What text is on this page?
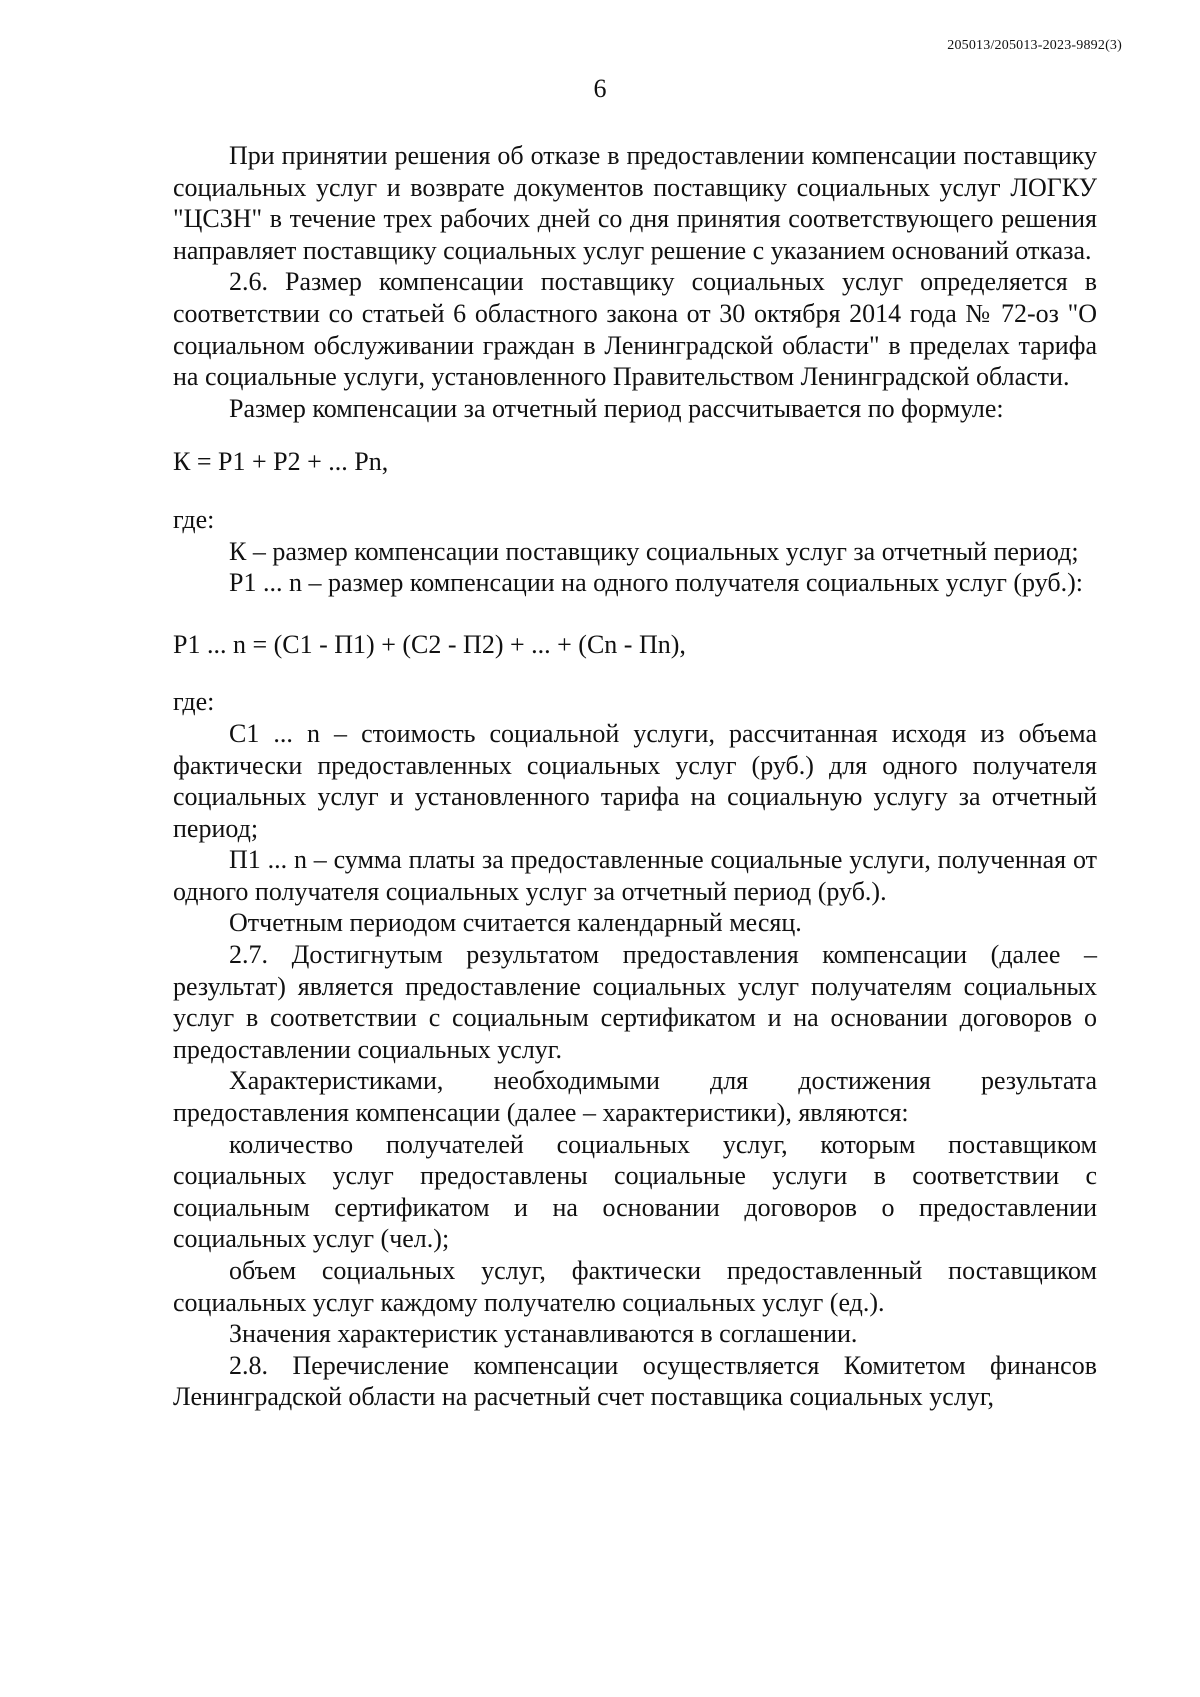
205013/205013-2023-9892(3)
6

При принятии решения об отказе в предоставлении компенсации поставщику социальных услуг и возврате документов поставщику социальных услуг ЛОГКУ "ЦСЗН" в течение трех рабочих дней со дня принятия соответствующего решения направляет поставщику социальных услуг решение с указанием оснований отказа.

2.6. Размер компенсации поставщику социальных услуг определяется в соответствии со статьей 6 областного закона от 30 октября 2014 года № 72-оз "О социальном обслуживании граждан в Ленинградской области" в пределах тарифа на социальные услуги, установленного Правительством Ленинградской области.

Размер компенсации за отчетный период рассчитывается по формуле:

К = Р1 + Р2 + ... Рn,

где:

К – размер компенсации поставщику социальных услуг за отчетный период;

Р1 ... n – размер компенсации на одного получателя социальных услуг (руб.):

Р1 ... n = (С1 - П1) + (С2 - П2) + ... + (Сn - Пn),

где:

С1 ... n – стоимость социальной услуги, рассчитанная исходя из объема фактически предоставленных социальных услуг (руб.) для одного получателя социальных услуг и установленного тарифа на социальную услугу за отчетный период;

П1 ... n – сумма платы за предоставленные социальные услуги, полученная от одного получателя социальных услуг за отчетный период (руб.).

Отчетным периодом считается календарный месяц.

2.7. Достигнутым результатом предоставления компенсации (далее – результат) является предоставление социальных услуг получателям социальных услуг в соответствии с социальным сертификатом и на основании договоров о предоставлении социальных услуг.

Характеристиками, необходимыми для достижения результата предоставления компенсации (далее – характеристики), являются:

количество получателей социальных услуг, которым поставщиком социальных услуг предоставлены социальные услуги в соответствии с социальным сертификатом и на основании договоров о предоставлении социальных услуг (чел.);

объем социальных услуг, фактически предоставленный поставщиком социальных услуг каждому получателю социальных услуг (ед.).

Значения характеристик устанавливаются в соглашении.

2.8. Перечисление компенсации осуществляется Комитетом финансов Ленинградской области на расчетный счет поставщика социальных услуг,
